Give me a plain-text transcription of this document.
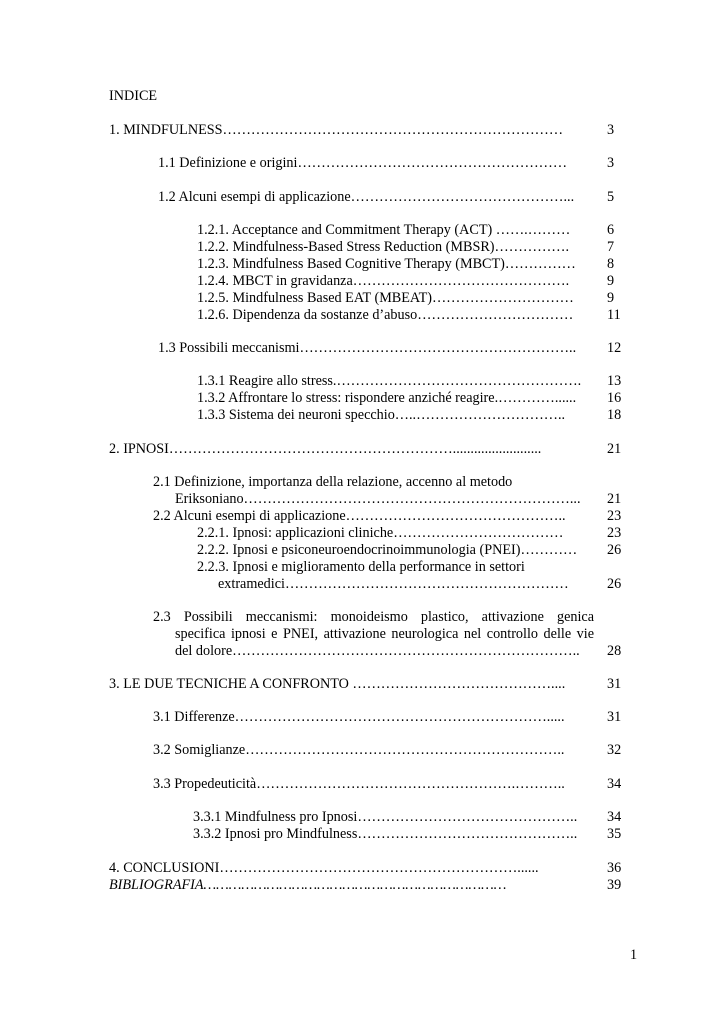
INDICE
1. MINDFULNESS………………………………………………………………	3
1.1 Definizione e origini…………………………………………………	3
1.2 Alcuni esempi di applicazione………………………………………... 5
1.2.1. Acceptance and Commitment Therapy (ACT) …….………	6
1.2.2. Mindfulness-Based Stress Reduction (MBSR)…………….	7
1.2.3. Mindfulness Based Cognitive Therapy (MBCT)…………… 8
1.2.4. MBCT in gravidanza……………………………………….	9
1.2.5. Mindfulness Based EAT (MBEAT)………………………… 9
1.2.6. Dipendenza da sostanze d’abuso…………………………… 11
1.3 Possibili meccanismi………………………………………………….. 12
1.3.1 Reagire allo stress.……………………………………………. 13
1.3.2 Affrontare lo stress: rispondere anziché reagire.…………...... 16
1.3.3 Sistema dei neuroni specchio…..…………………………..	18
2. IPNOSI…………………………………………………….........................	21
2.1 Definizione, importanza della relazione, accenno al metodo
Eriksoniano……………………………………………………………... 21
2.2 Alcuni esempi di applicazione………………………………………..	23
2.2.1. Ipnosi: applicazioni cliniche………………………………	23
2.2.2. Ipnosi e psiconeuroendocrinoimmunologia (PNEI)………… 26
2.2.3. Ipnosi e miglioramento della performance in settori
extramedici……………………………………………………	26
2.3 Possibili meccanismi: monoideismo plastico, attivazione genica
specifica ipnosi e PNEI, attivazione neurologica nel controllo delle vie
del dolore……………………………………………………………….. 28
3. LE DUE TECNICHE A CONFRONTO ……………………………………....	31
3.1 Differenze………………………………………………………….....	31
3.2 Somiglianze…………………………………………………………..	32
3.3 Propedeuticità……………………………………………….………..	34
3.3.1 Mindfulness pro Ipnosi……………………………………….. 34
3.3.2 Ipnosi pro Mindfulness……………………………………….. 35
4. CONCLUSIONI………………………………………………………......	36
BIBLIOGRAFIA………………………………………………………………	39
1
